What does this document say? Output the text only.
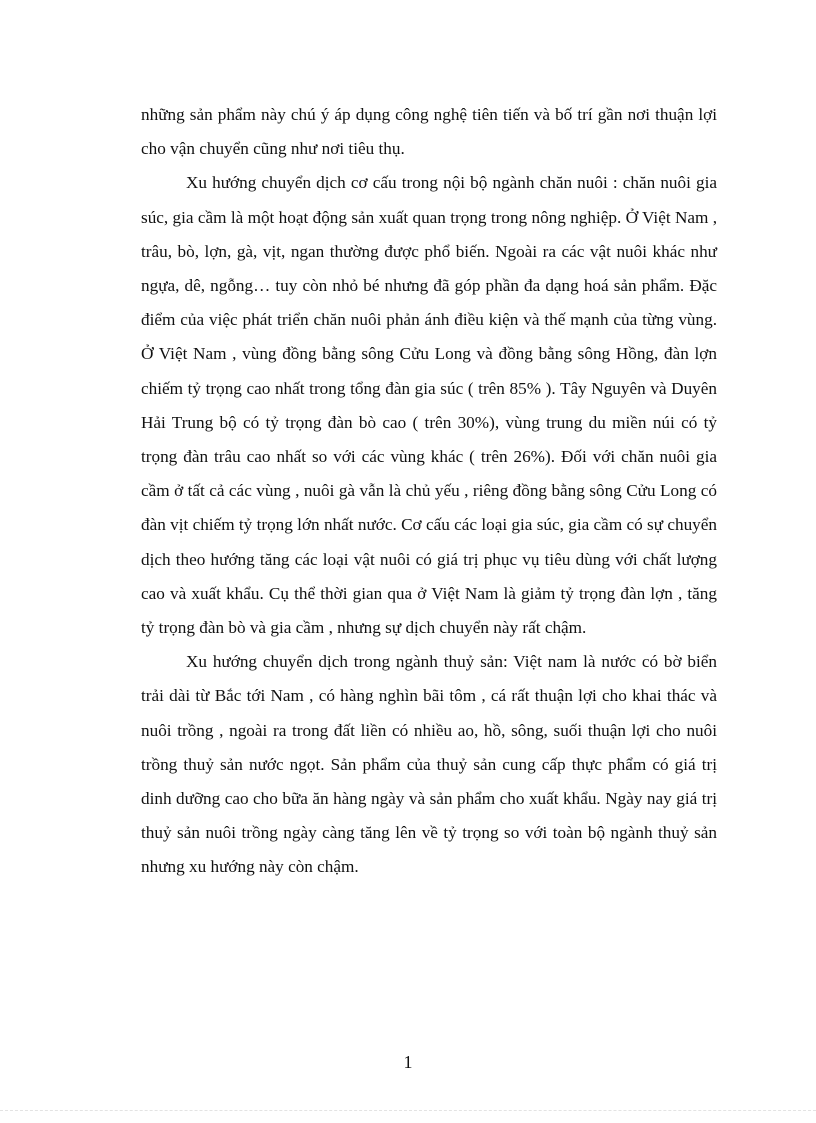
những sản phẩm này chú ý áp dụng công nghệ tiên tiến và bố trí gần nơi thuận lợi cho vận chuyển cũng như nơi tiêu thụ.

Xu hướng chuyển dịch cơ cấu trong nội bộ ngành chăn nuôi : chăn nuôi gia súc, gia cầm là một hoạt động sản xuất quan trọng trong nông nghiệp. Ở Việt Nam , trâu, bò, lợn, gà, vịt, ngan thường được phổ biến. Ngoài ra các vật nuôi khác như ngựa, dê, ngỗng… tuy còn nhỏ bé nhưng đã góp phần đa dạng hoá sản phẩm. Đặc điểm của việc phát triển chăn nuôi phản ánh điều kiện và thế mạnh của từng vùng. Ở Việt Nam , vùng đồng bằng sông Cửu Long và đồng bằng sông Hồng, đàn lợn chiếm tỷ trọng cao nhất trong tổng đàn gia súc ( trên 85% ). Tây Nguyên và Duyên Hải Trung bộ có tỷ trọng đàn bò cao ( trên 30%), vùng trung du miền núi có tỷ trọng đàn trâu cao nhất so với các vùng khác ( trên 26%). Đối với chăn nuôi gia cầm ở tất cả các vùng , nuôi gà vẫn là chủ yếu , riêng đồng bằng sông Cửu Long có đàn vịt chiếm tỷ trọng lớn nhất nước. Cơ cấu các loại gia súc, gia cầm có sự chuyển dịch theo hướng tăng các loại vật nuôi có giá trị phục vụ tiêu dùng với chất lượng cao và xuất khẩu. Cụ thể thời gian qua ở Việt Nam là giảm tỷ trọng đàn lợn , tăng tỷ trọng đàn bò và gia cầm , nhưng sự dịch chuyển này rất chậm.

Xu hướng chuyển dịch trong ngành thuỷ sản: Việt nam là nước có bờ biển trải dài từ Bắc tới Nam , có hàng nghìn bãi tôm , cá rất thuận lợi cho khai thác và nuôi trồng , ngoài ra trong đất liền có nhiều ao, hồ, sông, suối thuận lợi cho nuôi trồng thuỷ sản nước ngọt. Sản phẩm của thuỷ sản cung cấp thực phẩm có giá trị dinh dưỡng cao cho bữa ăn hàng ngày và sản phẩm cho xuất khẩu. Ngày nay giá trị thuỷ sản nuôi trồng ngày càng tăng lên về tỷ trọng so với toàn bộ ngành thuỷ sản nhưng xu hướng này còn chậm.

1
